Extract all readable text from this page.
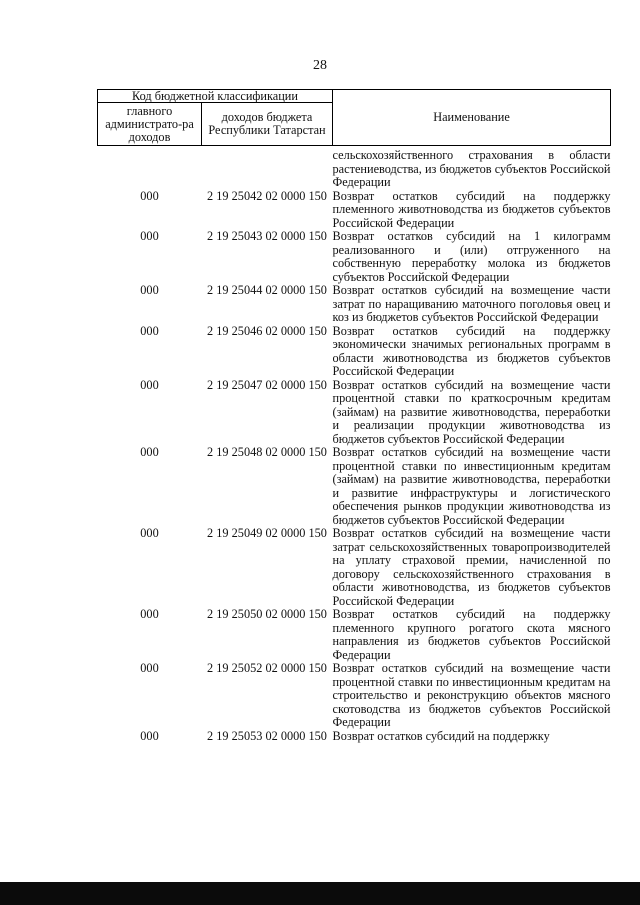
28
Код бюджетной классификации		Наименование
главного администрато-ра доходов	доходов бюджета Республики Татарстан	
		сельскохозяйственного страхования в области растениеводства, из бюджетов субъектов Российской Федерации
000	2 19 25042 02 0000 150	Возврат остатков субсидий на поддержку племенного животноводства из бюджетов субъектов Российской Федерации
000	2 19 25043 02 0000 150	Возврат остатков субсидий на 1 килограмм реализованного и (или) отгруженного на собственную переработку молока из бюджетов субъектов Российской Федерации
000	2 19 25044 02 0000 150	Возврат остатков субсидий на возмещение части затрат по наращиванию маточного поголовья овец и коз из бюджетов субъектов Российской Федерации
000	2 19 25046 02 0000 150	Возврат остатков субсидий на поддержку экономически значимых региональных программ в области животноводства из бюджетов субъектов Российской Федерации
000	2 19 25047 02 0000 150	Возврат остатков субсидий на возмещение части процентной ставки по краткосрочным кредитам (займам) на развитие животноводства, переработки и реализации продукции животноводства из бюджетов субъектов Российской Федерации
000	2 19 25048 02 0000 150	Возврат остатков субсидий на возмещение части процентной ставки по инвестиционным кредитам (займам) на развитие животноводства, переработки и развитие инфраструктуры и логистического обеспечения рынков продукции животноводства из бюджетов субъектов Российской Федерации
000	2 19 25049 02 0000 150	Возврат остатков субсидий на возмещение части затрат сельскохозяйственных товаропроизводителей на уплату страховой премии, начисленной по договору сельскохозяйственного страхования в области животноводства, из бюджетов субъектов Российской Федерации
000	2 19 25050 02 0000 150	Возврат остатков субсидий на поддержку племенного крупного рогатого скота мясного направления из бюджетов субъектов Российской Федерации
000	2 19 25052 02 0000 150	Возврат остатков субсидий на возмещение части процентной ставки по инвестиционным кредитам на строительство и реконструкцию объектов мясного скотоводства из бюджетов субъектов Российской Федерации
000	2 19 25053 02 0000 150	Возврат остатков субсидий на поддержку
